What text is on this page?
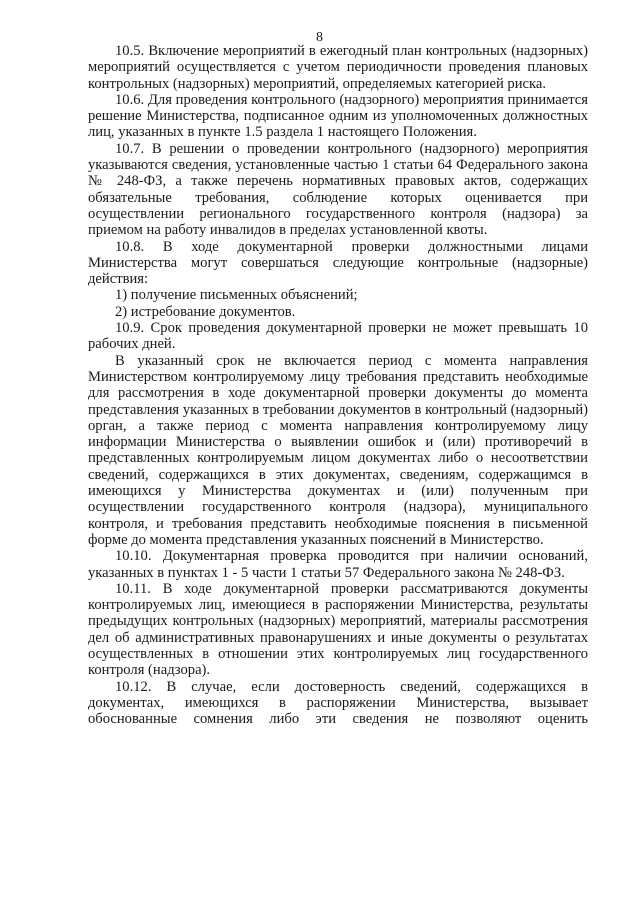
8

10.5. Включение мероприятий в ежегодный план контрольных (надзорных) мероприятий осуществляется с учетом периодичности проведения плановых контрольных (надзорных) мероприятий, определяемых категорией риска.

10.6. Для проведения контрольного (надзорного) мероприятия принимается решение Министерства, подписанное одним из уполномоченных должностных лиц, указанных в пункте 1.5 раздела 1 настоящего Положения.

10.7. В решении о проведении контрольного (надзорного) мероприятия указываются сведения, установленные частью 1 статьи 64 Федерального закона № 248-ФЗ, а также перечень нормативных правовых актов, содержащих обязательные требования, соблюдение которых оценивается при осуществлении регионального государственного контроля (надзора) за приемом на работу инвалидов в пределах установленной квоты.

10.8. В ходе документарной проверки должностными лицами Министерства могут совершаться следующие контрольные (надзорные) действия:

1) получение письменных объяснений;

2) истребование документов.

10.9. Срок проведения документарной проверки не может превышать 10 рабочих дней.

В указанный срок не включается период с момента направления Министерством контролируемому лицу требования представить необходимые для рассмотрения в ходе документарной проверки документы до момента представления указанных в требовании документов в контрольный (надзорный) орган, а также период с момента направления контролируемому лицу информации Министерства о выявлении ошибок и (или) противоречий в представленных контролируемым лицом документах либо о несоответствии сведений, содержащихся в этих документах, сведениям, содержащимся в имеющихся у Министерства документах и (или) полученным при осуществлении государственного контроля (надзора), муниципального контроля, и требования представить необходимые пояснения в письменной форме до момента представления указанных пояснений в Министерство.

10.10. Документарная проверка проводится при наличии оснований, указанных в пунктах 1 - 5 части 1 статьи 57 Федерального закона № 248-ФЗ.

10.11. В ходе документарной проверки рассматриваются документы контролируемых лиц, имеющиеся в распоряжении Министерства, результаты предыдущих контрольных (надзорных) мероприятий, материалы рассмотрения дел об административных правонарушениях и иные документы о результатах осуществленных в отношении этих контролируемых лиц государственного контроля (надзора).

10.12. В случае, если достоверность сведений, содержащихся в документах, имеющихся в распоряжении Министерства, вызывает обоснованные сомнения либо эти сведения не позволяют оценить
